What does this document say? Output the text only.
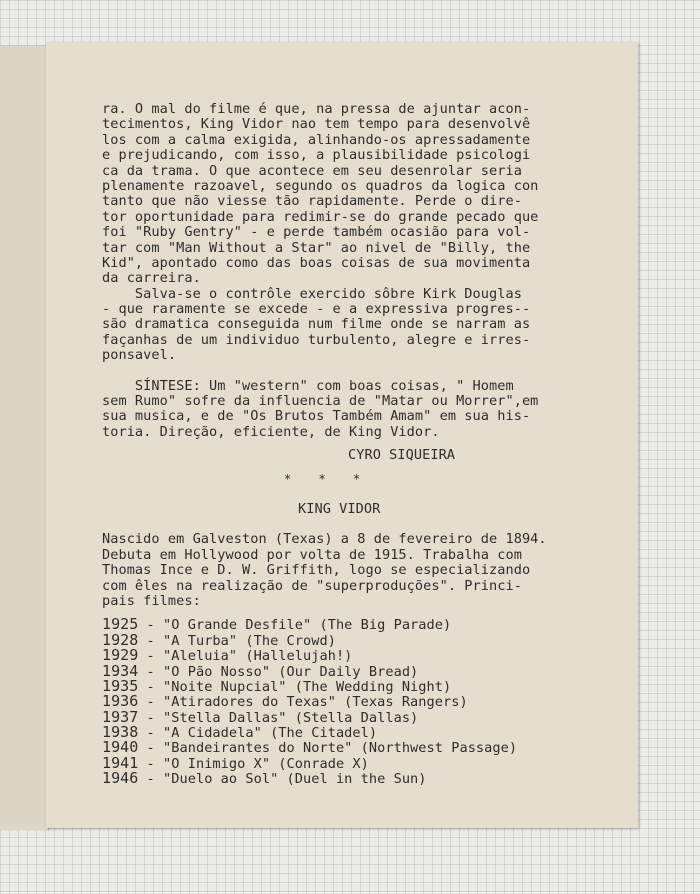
ra. O mal do filme é que, na pressa de ajuntar acon-
tecimentos, King Vidor nao tem tempo para desenvolvê
los com a calma exigida, alinhando-os apressadamente
e prejudicando, com isso, a plausibilidade psicologi
ca da trama. O que acontece em seu desenrolar seria
plenamente razoavel, segundo os quadros da logica con
tanto que não viesse tão rapidamente. Perde o dire-
tor oportunidade para redimir-se do grande pecado que
foi "Ruby Gentry" - e perde também ocasião para vol-
tar com "Man Without a Star" ao nivel de "Billy, the
Kid", apontado como das boas coisas de sua movimenta
da carreira.
Salva-se o contrôle exercido sôbre Kirk Douglas
- que raramente se excede - e a expressiva progres--
são dramatica conseguida num filme onde se narram as
façanhas de um individuo turbulento, alegre e irres-
ponsavel.
SÍNTESE: Um "western" com boas coisas, " Homem
sem Rumo" sofre da influencia de "Matar ou Morrer",em
sua musica, e de "Os Brutos Também Amam" em sua his-
toria. Direção, eficiente, de King Vidor.
CYRO SIQUEIRA
* * *
KING VIDOR
Nascido em Galveston (Texas) a 8 de fevereiro de 1894.
Debuta em Hollywood por volta de 1915. Trabalha com
Thomas Ince e D. W. Griffith, logo se especializando
com êles na realização de "superproduções". Princi-
pais filmes:
1925 - "O Grande Desfile" (The Big Parade)
1928 - "A Turba" (The Crowd)
1929 - "Aleluia" (Hallelujah!)
1934 - "O Pão Nosso" (Our Daily Bread)
1935 - "Noite Nupcial" (The Wedding Night)
1936 - "Atiradores do Texas" (Texas Rangers)
1937 - "Stella Dallas" (Stella Dallas)
1938 - "A Cidadela" (The Citadel)
1940 - "Bandeirantes do Norte" (Northwest Passage)
1941 - "O Inimigo X" (Conrade X)
1946 - "Duelo ao Sol" (Duel in the Sun)
